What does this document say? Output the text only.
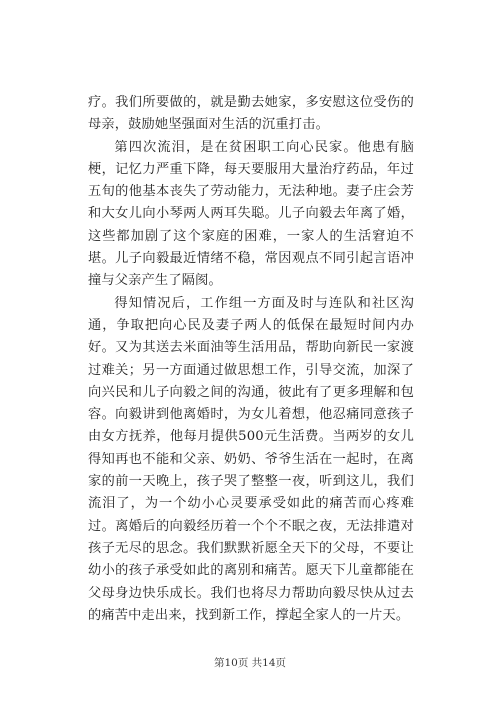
疗。我们所要做的，就是勤去她家，多安慰这位受伤的母亲，鼓励她坚强面对生活的沉重打击。

第四次流泪，是在贫困职工向心民家。他患有脑梗，记忆力严重下降，每天要服用大量治疗药品，年过五旬的他基本丧失了劳动能力，无法种地。妻子庄会芳和大女儿向小琴两人两耳失聪。儿子向毅去年离了婚，这些都加剧了这个家庭的困难，一家人的生活窘迫不堪。儿子向毅最近情绪不稳，常因观点不同引起言语冲撞与父亲产生了隔阂。

得知情况后，工作组一方面及时与连队和社区沟通，争取把向心民及妻子两人的低保在最短时间内办好。又为其送去米面油等生活用品，帮助向新民一家渡过难关；另一方面通过做思想工作，引导交流，加深了向兴民和儿子向毅之间的沟通，彼此有了更多理解和包容。向毅讲到他离婚时，为女儿着想，他忍痛同意孩子由女方抚养，他每月提供500元生活费。当两岁的女儿得知再也不能和父亲、奶奶、爷爷生活在一起时，在离家的前一天晚上，孩子哭了整整一夜，听到这儿，我们流泪了，为一个幼小心灵要承受如此的痛苦而心疼难过。离婚后的向毅经历着一个个不眠之夜，无法排遣对孩子无尽的思念。我们默默祈愿全天下的父母，不要让幼小的孩子承受如此的离别和痛苦。愿天下儿童都能在父母身边快乐成长。我们也将尽力帮助向毅尽快从过去的痛苦中走出来，找到新工作，撑起全家人的一片天。

第10页 共14页
